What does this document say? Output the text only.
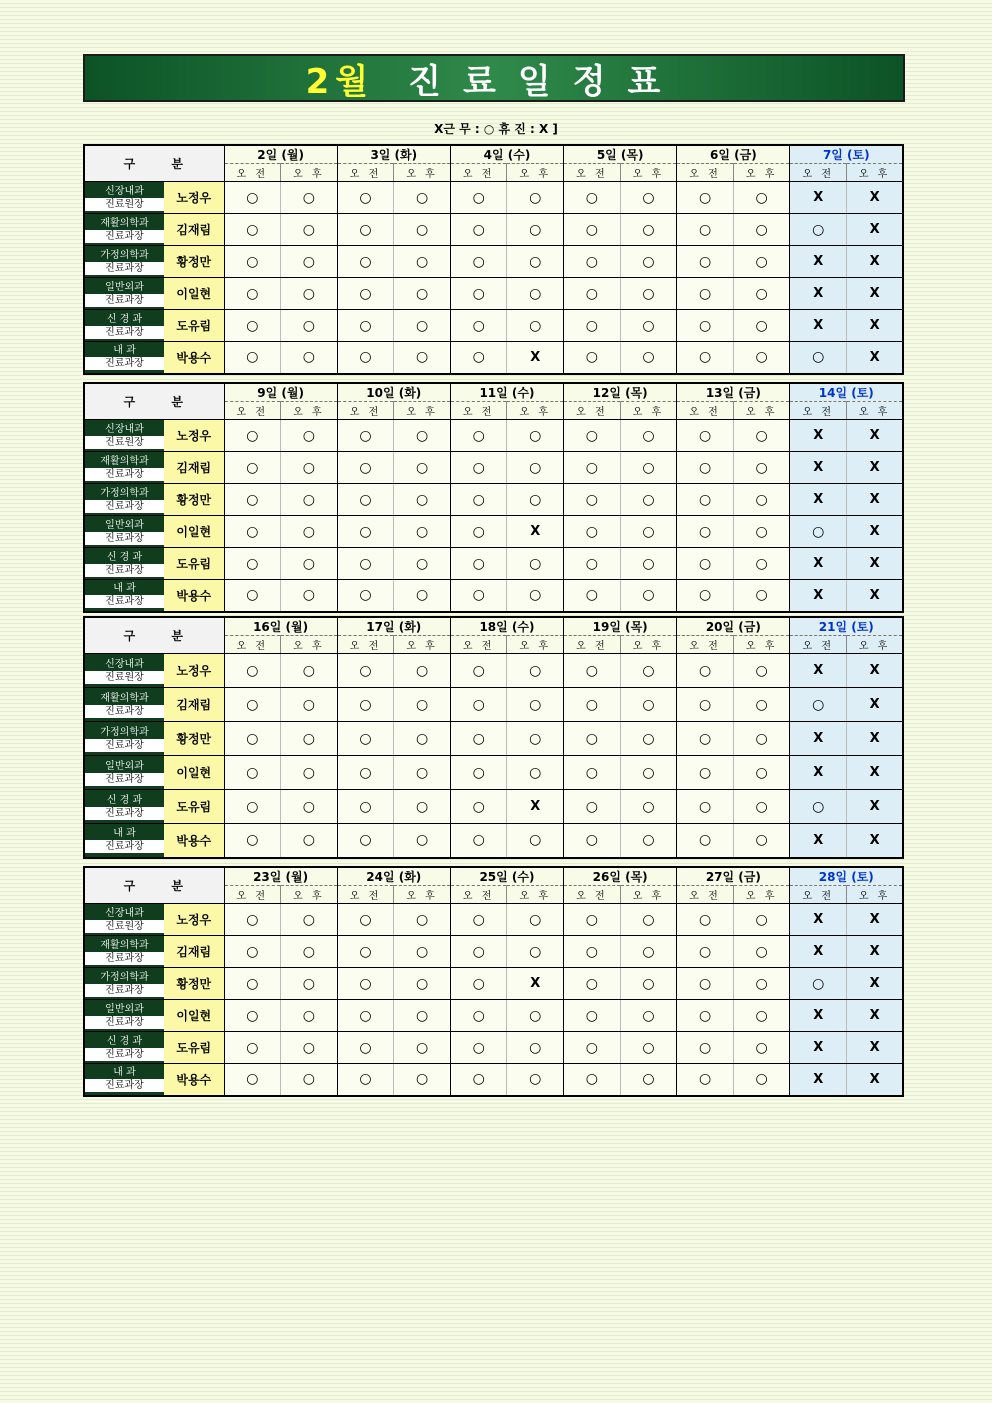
2월 진료일정표
X근 무 : ○ 휴 진 : X ]
구 분		2일 (월)		3일 (화)		4일 (수)		5일 (목)		6일 (금)		7일 (토)	
		오 전	오 후	오 전	오 후	오 전	오 후	오 전	오 후	오 전	오 후	오 전	오 후

신장내과
진료원장	노정우	○	○	○	○	○	○	○	○	○	○	X	X

재활의학과
진료과장	김재림	○	○	○	○	○	○	○	○	○	○	○	X

가정의학과
진료과장	황정만	○	○	○	○	○	○	○	○	○	○	X	X

일반외과
진료과장	이일현	○	○	○	○	○	○	○	○	○	○	X	X

신 경 과
진료과장	도유림	○	○	○	○	○	○	○	○	○	○	X	X

내 과
진료과장	박용수	○	○	○	○	○	X	○	○	○	○	○	X
구 분		9일 (월)		10일 (화)		11일 (수)		12일 (목)		13일 (금)		14일 (토)	
		오 전	오 후	오 전	오 후	오 전	오 후	오 전	오 후	오 전	오 후	오 전	오 후

신장내과
진료원장	노정우	○	○	○	○	○	○	○	○	○	○	X	X

재활의학과
진료과장	김재림	○	○	○	○	○	○	○	○	○	○	X	X

가정의학과
진료과장	황정만	○	○	○	○	○	○	○	○	○	○	X	X

일반외과
진료과장	이일현	○	○	○	○	○	X	○	○	○	○	○	X

신 경 과
진료과장	도유림	○	○	○	○	○	○	○	○	○	○	X	X

내 과
진료과장	박용수	○	○	○	○	○	○	○	○	○	○	X	X
구 분		16일 (월)		17일 (화)		18일 (수)		19일 (목)		20일 (금)		21일 (토)	
		오 전	오 후	오 전	오 후	오 전	오 후	오 전	오 후	오 전	오 후	오 전	오 후

신장내과
진료원장	노정우	○	○	○	○	○	○	○	○	○	○	X	X

재활의학과
진료과장	김재림	○	○	○	○	○	○	○	○	○	○	○	X

가정의학과
진료과장	황정만	○	○	○	○	○	○	○	○	○	○	X	X

일반외과
진료과장	이일현	○	○	○	○	○	○	○	○	○	○	X	X

신 경 과
진료과장	도유림	○	○	○	○	○	X	○	○	○	○	○	X

내 과
진료과장	박용수	○	○	○	○	○	○	○	○	○	○	X	X
구 분		23일 (월)		24일 (화)		25일 (수)		26일 (목)		27일 (금)		28일 (토)	
		오 전	오 후	오 전	오 후	오 전	오 후	오 전	오 후	오 전	오 후	오 전	오 후

신장내과
진료원장	노정우	○	○	○	○	○	○	○	○	○	○	X	X

재활의학과
진료과장	김재림	○	○	○	○	○	○	○	○	○	○	X	X

가정의학과
진료과장	황정만	○	○	○	○	○	X	○	○	○	○	○	X

일반외과
진료과장	이일현	○	○	○	○	○	○	○	○	○	○	X	X

신 경 과
진료과장	도유림	○	○	○	○	○	○	○	○	○	○	X	X

내 과
진료과장	박용수	○	○	○	○	○	○	○	○	○	○	X	X
